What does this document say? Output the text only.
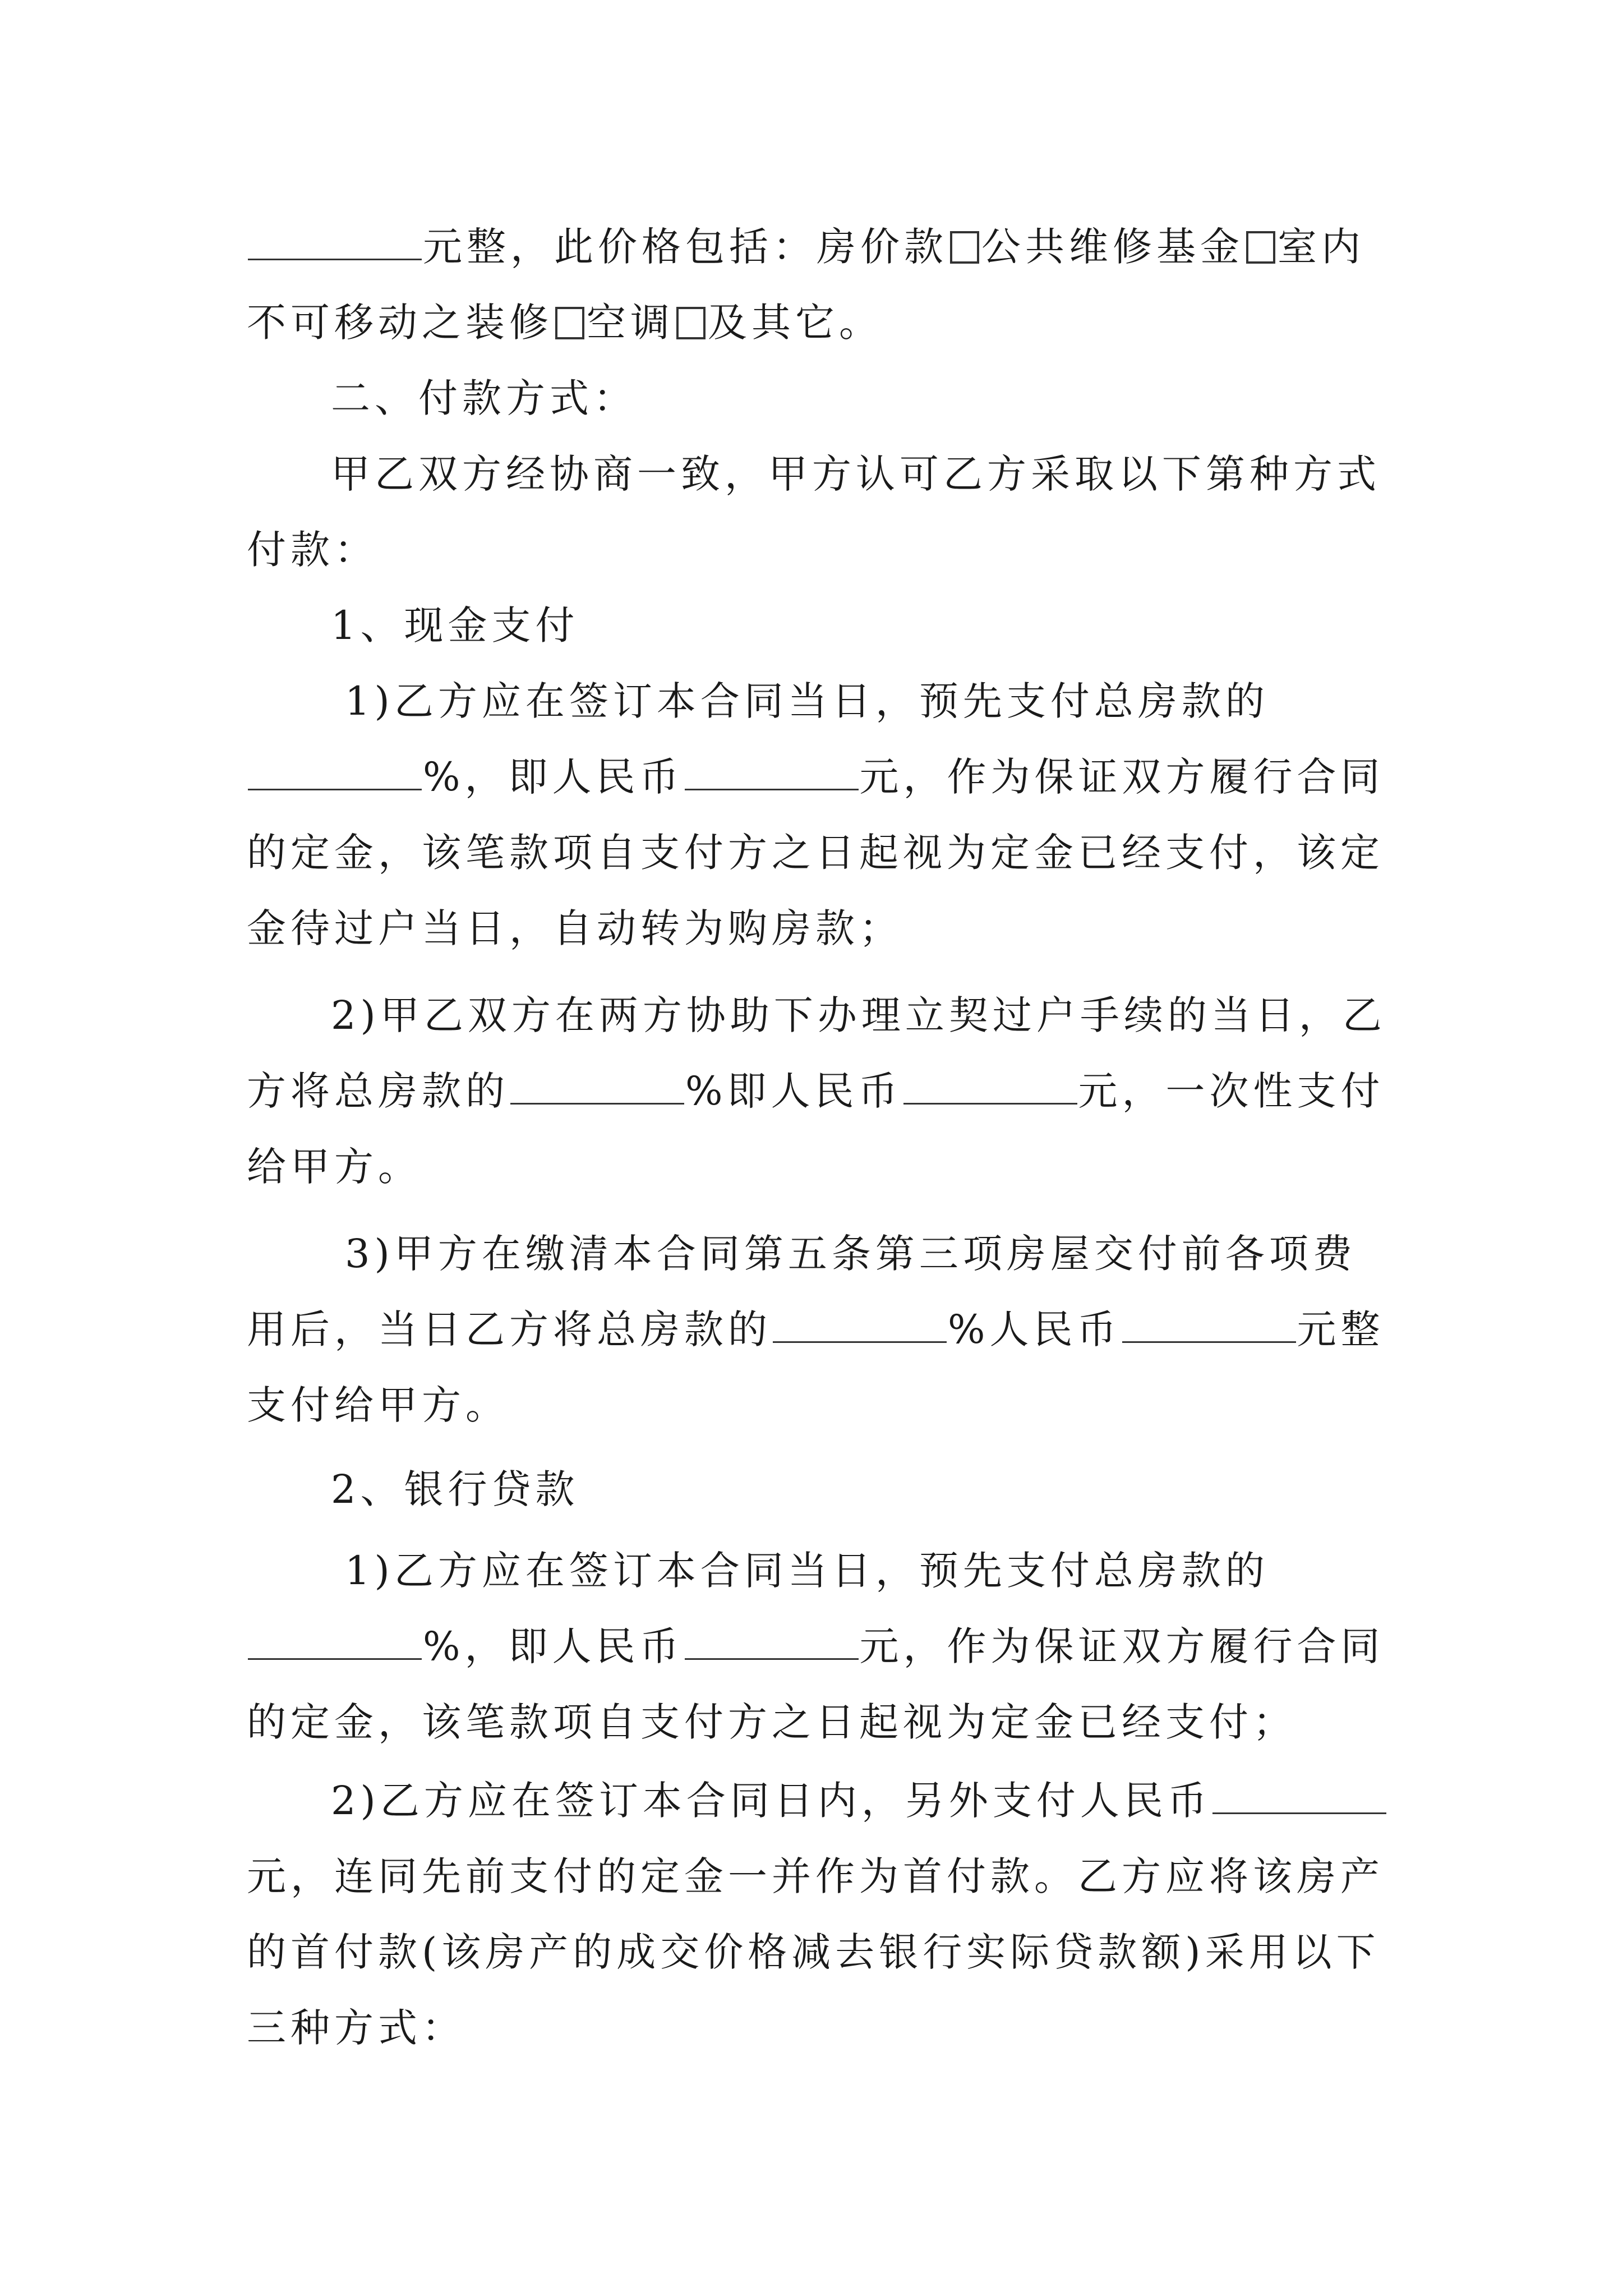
元整，此价格包括：房价款 公共维修基金 室内
不可移动之装修 空调 及其它。
二、付款方式：
甲乙双方经协商一致，甲方认可乙方采取以下第种方式
付款：
1、现金支付
1)乙方应在签订本合同当日，预先支付总房款的
%，即人民币	元，作为保证双方履行合同
的定金，该笔款项自支付方之日起视为定金已经支付，该定
金待过户当日，自动转为购房款；
2)甲乙双方在两方协助下办理立契过户手续的当日，乙
方将总房款的	%即人民币	元，一次性支付
给甲方。
3)甲方在缴清本合同第五条第三项房屋交付前各项费
用后，当日乙方将总房款的	%人民币	元整
支付给甲方。
2、银行贷款
1)乙方应在签订本合同当日，预先支付总房款的
%，即人民币	元，作为保证双方履行合同
的定金，该笔款项自支付方之日起视为定金已经支付；
2)乙方应在签订本合同日内，另外支付人民币
元，连同先前支付的定金一并作为首付款。乙方应将该房产
的首付款(该房产的成交价格减去银行实际贷款额)采用以下
三种方式：
